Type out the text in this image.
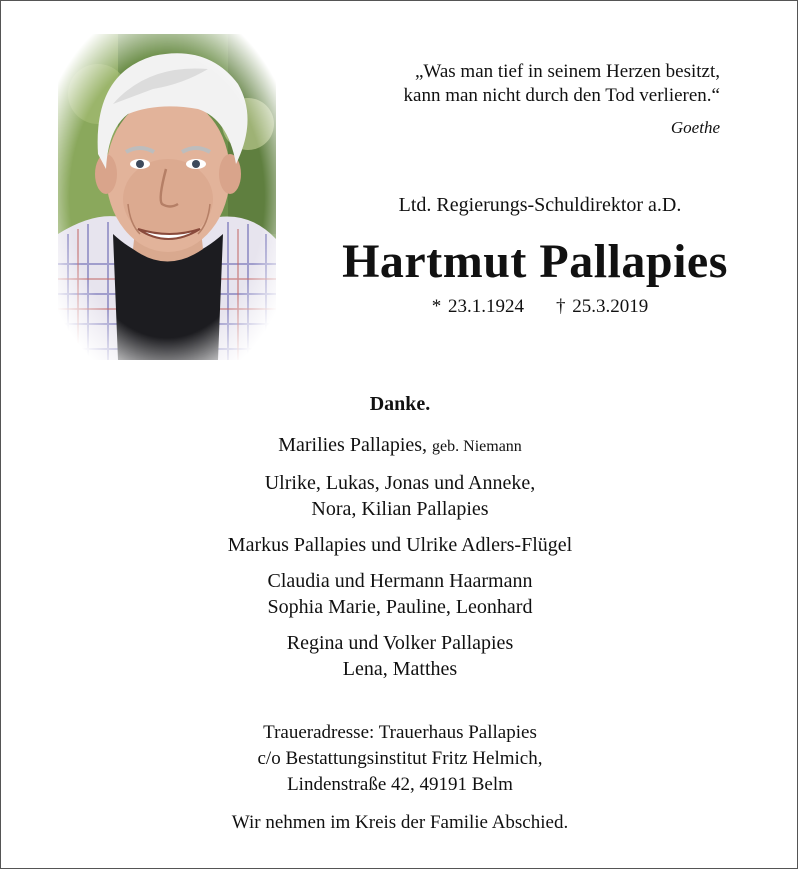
„Was man tief in seinem Herzen besitzt,
kann man nicht durch den Tod verlieren.“
Goethe
Ltd. Regierungs-Schuldirektor a.D.
Hartmut Pallapies
* 23.1.1924 † 25.3.2019
Danke.
Marilies Pallapies, geb. Niemann
Ulrike, Lukas, Jonas und Anneke,
Nora, Kilian Pallapies
Markus Pallapies und Ulrike Adlers-Flügel
Claudia und Hermann Haarmann
Sophia Marie, Pauline, Leonhard
Regina und Volker Pallapies
Lena, Matthes
Traueradresse: Trauerhaus Pallapies
c/o Bestattungsinstitut Fritz Helmich,
Lindenstraße 42, 49191 Belm
Wir nehmen im Kreis der Familie Abschied.
